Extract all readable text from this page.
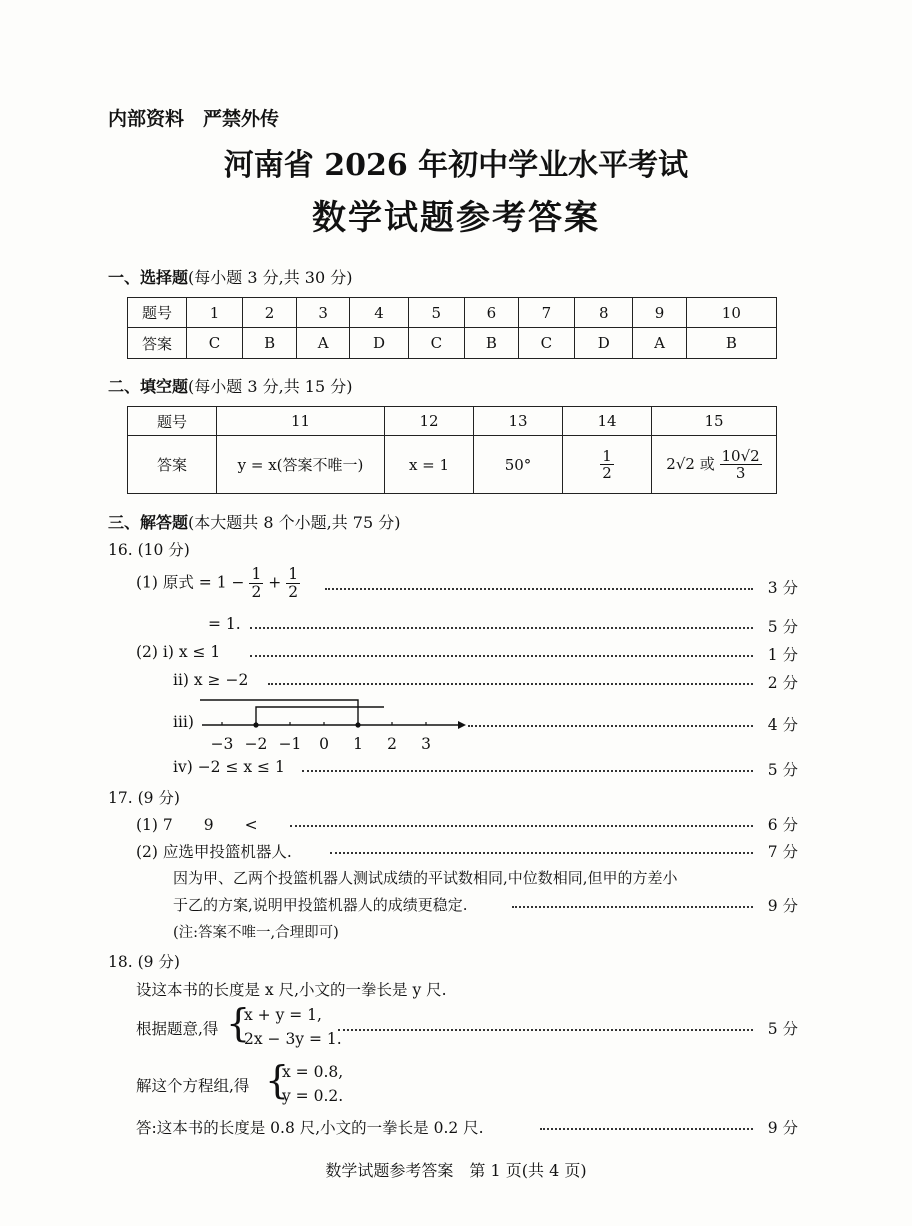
内部资料　严禁外传
河南省 2026 年初中学业水平考试
数学试题参考答案
一、选择题(每小题 3 分,共 30 分)
题号	1	2	3	4	5	6	7	8	9	10
答案	C	B	A	D	C	B	C	D	A	B
二、填空题(每小题 3 分,共 15 分)
题号	11	12	13	14	15
答案	y = x(答案不唯一)	x = 1	50°	$\frac{1}{2}$	2√2 或 $\frac{10√2}{3}$
三、解答题(本大题共 8 个小题,共 75 分)
16. (10 分)
(1) 原式 = $1 - \frac{1}{2} + \frac{1}{2}$	3 分
= 1.	5 分
(2) ⅰ) x ≤ 1	1 分
ⅱ) x ≥ −2	2 分
ⅲ)
−3 −2 −1	0	1	2	3
4 分
ⅳ) −2 ≤ x ≤ 1	5 分
17. (9 分)
(1) 7　　9　　<	6 分
(2) 应选甲投篮机器人.	7 分
因为甲、乙两个投篮机器人测试成绩的平试数相同,中位数相同,但甲的方差小
于乙的方案,说明甲投篮机器人的成绩更稳定.	9 分
(注:答案不唯一,合理即可)
18. (9 分)
设这本书的长度是 x 尺,小文的一拳长是 y 尺.
根据题意,得 {
x + y = 1,
2x − 3y = 1.
5 分
解这个方程组,得 {
x = 0.8,
y = 0.2.
答:这本书的长度是 0.8 尺,小文的一拳长是 0.2 尺.	9 分
数学试题参考答案　第 1 页(共 4 页)
